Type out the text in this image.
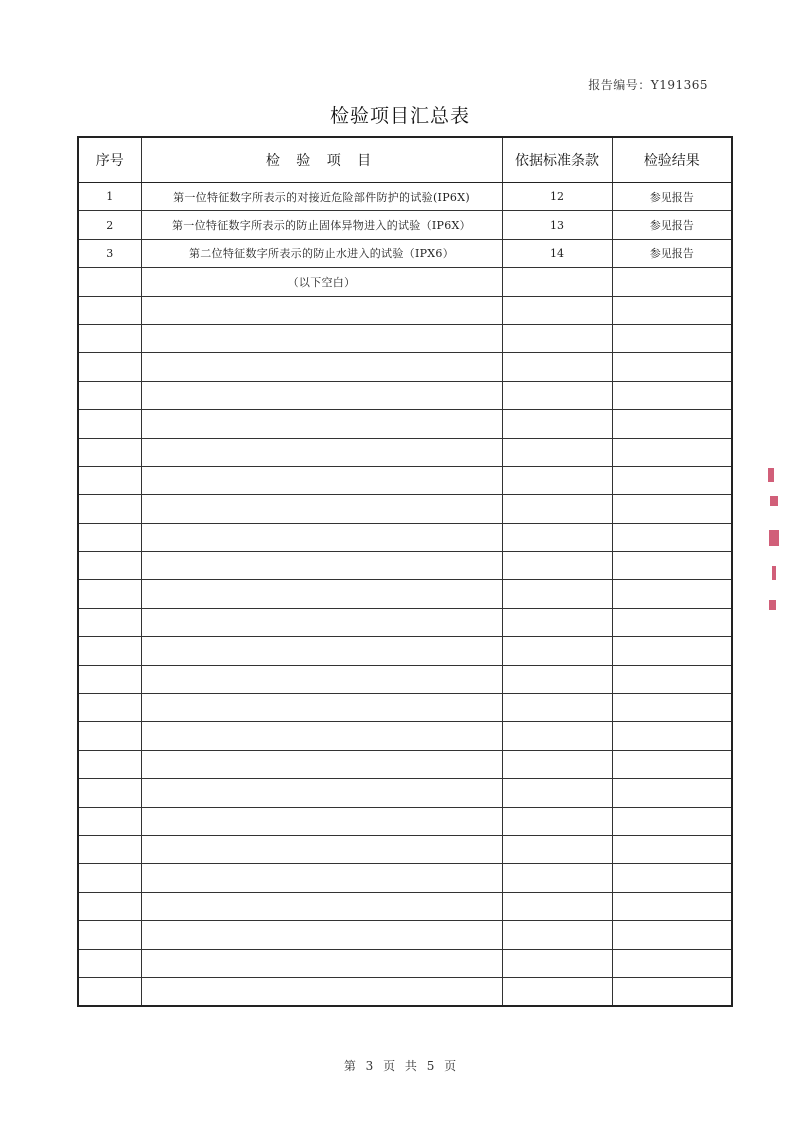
报告编号：Y191365
检验项目汇总表
序号	检 验 项 目	依据标准条款	检验结果
1	第一位特征数字所表示的对接近危险部件防护的试验(IP6X)	12	参见报告
2	第一位特征数字所表示的防止固体异物进入的试验（IP6X）	13	参见报告
3	第二位特征数字所表示的防止水进入的试验（IPX6）	14	参见报告
	（以下空白）		

第 3 页 共 5 页
